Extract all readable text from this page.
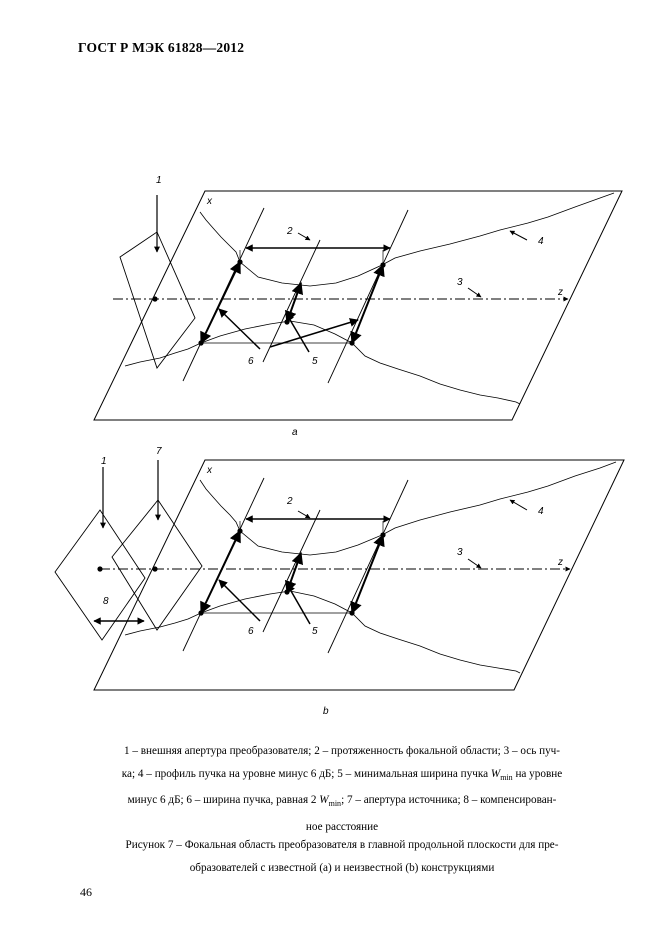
ГОСТ Р МЭК 61828—2012
1
x
2
4
3
z
6	5
a
1
7
x
2
4
3
z
8
6	5
b

1 – внешняя апертура преобразователя; 2 – протяженность фокальной области; 3 – ось пуч-

ка; 4 – профиль пучка на уровне минус 6 дБ; 5 – минимальная ширина пучка $W_{min}$ на уровне

минус 6 дБ; 6 – ширина пучка, равная 2 $W_{min}$; 7 – апертура источника; 8 – компенсирован-

ное расстояние

Рисунок 7 – Фокальная область преобразователя в главной продольной плоскости для пре-

образователей с известной (a) и неизвестной (b) конструкциями

46
